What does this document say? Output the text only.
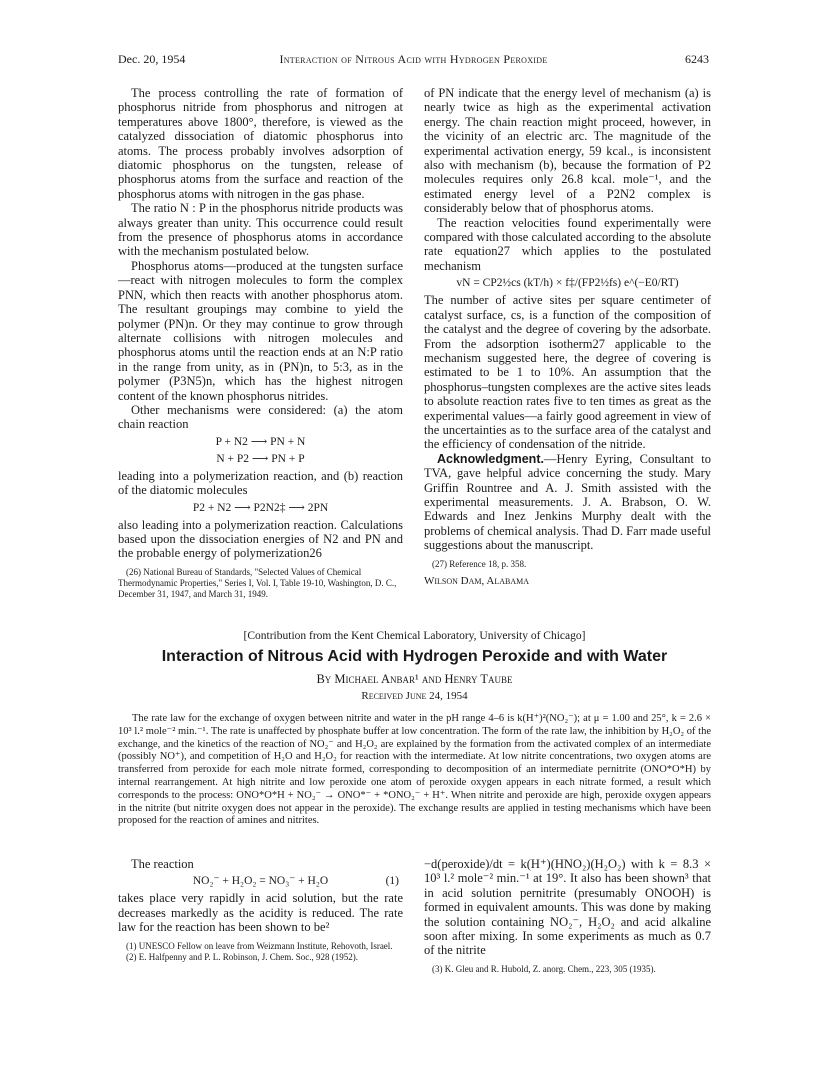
Dec. 20, 1954	Interaction of Nitrous Acid with Hydrogen Peroxide	6243

The process controlling the rate of formation of phosphorus nitride from phosphorus and nitrogen at temperatures above 1800°, therefore, is viewed as the catalyzed dissociation of diatomic phosphorus into atoms. The process probably involves adsorption of diatomic phosphorus on the tungsten, release of phosphorus atoms from the surface and reaction of the phosphorus atoms with nitrogen in the gas phase.

The ratio N : P in the phosphorus nitride products was always greater than unity. This occurrence could result from the presence of phosphorus atoms in accordance with the mechanism postulated below.

Phosphorus atoms—produced at the tungsten surface—react with nitrogen molecules to form the complex PNN, which then reacts with another phosphorus atom. The resultant groupings may combine to yield the polymer (PN)n. Or they may continue to grow through alternate collisions with nitrogen molecules and phosphorus atoms until the reaction ends at an N:P ratio in the range from unity, as in (PN)n, to 5:3, as in the polymer (P3N5)n, which has the highest nitrogen content of the known phosphorus nitrides.

Other mechanisms were considered: (a) the atom chain reaction

P + N2 ⟶ PN + N
N + P2 ⟶ PN + P

leading into a polymerization reaction, and (b) reaction of the diatomic molecules

P2 + N2 ⟶ P2N2‡ ⟶ 2PN

also leading into a polymerization reaction. Calculations based upon the dissociation energies of N2 and PN and the probable energy of polymerization26

(26) National Bureau of Standards, "Selected Values of Chemical Thermodynamic Properties," Series I, Vol. I, Table 19-10, Washington, D. C., December 31, 1947, and March 31, 1949.

of PN indicate that the energy level of mechanism (a) is nearly twice as high as the experimental activation energy. The chain reaction might proceed, however, in the vicinity of an electric arc. The magnitude of the experimental activation energy, 59 kcal., is inconsistent also with mechanism (b), because the formation of P2 molecules requires only 26.8 kcal. mole⁻¹, and the estimated energy level of a P2N2 complex is considerably below that of phosphorus atoms.

The reaction velocities found experimentally were compared with those calculated according to the absolute rate equation27 which applies to the postulated mechanism

vN = CP2½cs (kT/h) × f‡/(FP2½fs) e^(−E0/RT)

The number of active sites per square centimeter of catalyst surface, cs, is a function of the composition of the catalyst and the degree of covering by the adsorbate. From the adsorption isotherm27 applicable to the mechanism suggested here, the degree of covering is estimated to be 1 to 10%. An assumption that the phosphorus–tungsten complexes are the active sites leads to absolute reaction rates five to ten times as great as the experimental values—a fairly good agreement in view of the uncertainties as to the surface area of the catalyst and the efficiency of condensation of the nitride.

Acknowledgment.—Henry Eyring, Consultant to TVA, gave helpful advice concerning the study. Mary Griffin Rountree and A. J. Smith assisted with the experimental measurements. J. A. Brabson, O. W. Edwards and Inez Jenkins Murphy dealt with the problems of chemical analysis. Thad D. Farr made useful suggestions about the manuscript.

(27) Reference 18, p. 358.

Wilson Dam, Alabama
[Contribution from the Kent Chemical Laboratory, University of Chicago]
Interaction of Nitrous Acid with Hydrogen Peroxide and with Water
By Michael Anbar¹ and Henry Taube
Received June 24, 1954

The rate law for the exchange of oxygen between nitrite and water in the pH range 4–6 is k(H⁺)²(NO₂⁻); at μ = 1.00 and 25°, k = 2.6 × 10³ l.² mole⁻² min.⁻¹. The rate is unaffected by phosphate buffer at low concentration. The form of the rate law, the inhibition by H₂O₂ of the exchange, and the kinetics of the reaction of NO₂⁻ and H₂O₂ are explained by the formation from the activated complex of an intermediate (possibly NO⁺), and competition of H₂O and H₂O₂ for reaction with the intermediate. At low nitrite concentrations, two oxygen atoms are transferred from peroxide for each mole nitrate formed, corresponding to decomposition of an intermediate pernitrite (ONO*O*H) by internal rearrangement. At high nitrite and low peroxide one atom of peroxide oxygen appears in each nitrate formed, a result which corresponds to the process: ONO*O*H + NO₂⁻ → ONO*⁻ + *ONO₂⁻ + H⁺. When nitrite and peroxide are high, peroxide oxygen appears in the nitrite (but nitrite oxygen does not appear in the peroxide). The exchange results are applied in testing mechanisms which have been proposed for the reaction of amines and nitrites.

The reaction

NO₂⁻ + H₂O₂ = NO₃⁻ + H₂O	(1)

takes place very rapidly in acid solution, but the rate decreases markedly as the acidity is reduced. The rate law for the reaction has been shown to be²

(1) UNESCO Fellow on leave from Weizmann Institute, Rehovoth, Israel.

(2) E. Halfpenny and P. L. Robinson, J. Chem. Soc., 928 (1952).

−d(peroxide)/dt = k(H⁺)(HNO₂)(H₂O₂) with k = 8.3 × 10³ l.² mole⁻² min.⁻¹ at 19°. It also has been shown³ that in acid solution pernitrite (presumably ONOOH) is formed in equivalent amounts. This was done by making the solution containing NO₂⁻, H₂O₂ and acid alkaline soon after mixing. In some experiments as much as 0.7 of the nitrite

(3) K. Gleu and R. Hubold, Z. anorg. Chem., 223, 305 (1935).
